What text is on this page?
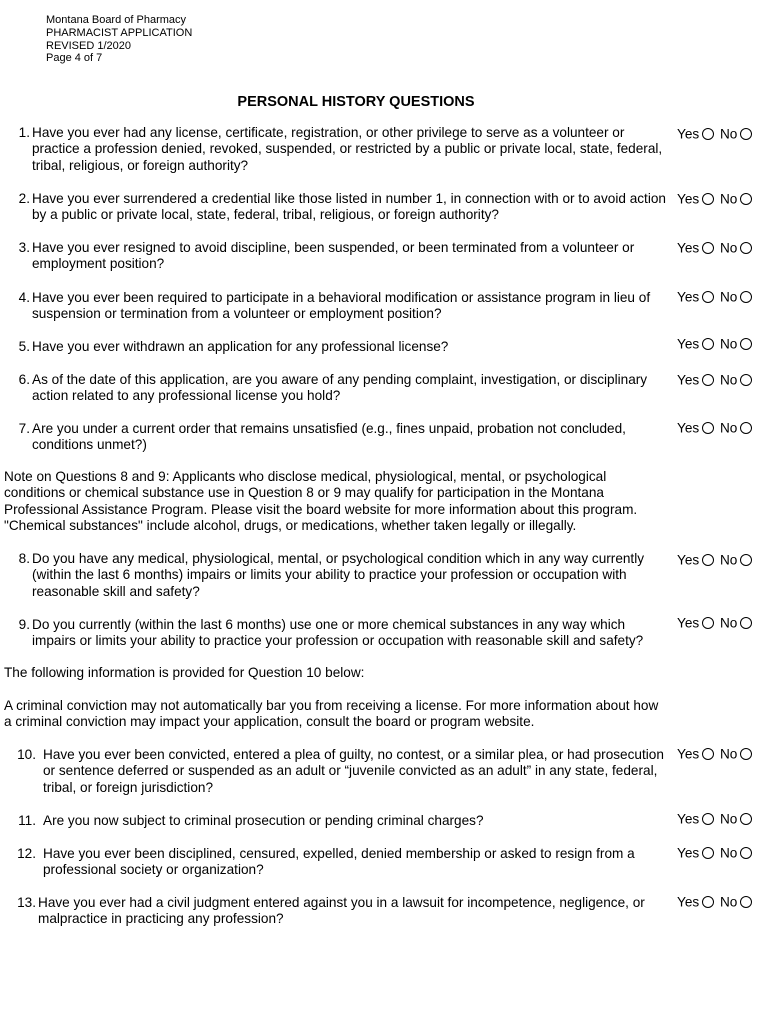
Montana Board of Pharmacy
PHARMACIST APPLICATION
REVISED 1/2020
Page 4 of 7
PERSONAL HISTORY QUESTIONS
1. Have you ever had any license, certificate, registration, or other privilege to serve as a volunteer or practice a profession denied, revoked, suspended, or restricted by a public or private local, state, federal, tribal, religious, or foreign authority?
Yes No
2. Have you ever surrendered a credential like those listed in number 1, in connection with or to avoid action by a public or private local, state, federal, tribal, religious, or foreign authority?
Yes No
3. Have you ever resigned to avoid discipline, been suspended, or been terminated from a volunteer or employment position?
Yes No
4. Have you ever been required to participate in a behavioral modification or assistance program in lieu of suspension or termination from a volunteer or employment position?
Yes No
5. Have you ever withdrawn an application for any professional license?	Yes No
6. As of the date of this application, are you aware of any pending complaint, investigation, or disciplinary action related to any professional license you hold?
Yes No
7. Are you under a current order that remains unsatisfied (e.g., fines unpaid, probation not concluded, conditions unmet?)
Yes No
Note on Questions 8 and 9: Applicants who disclose medical, physiological, mental, or psychological conditions or chemical substance use in Question 8 or 9 may qualify for participation in the Montana Professional Assistance Program. Please visit the board website for more information about this program. "Chemical substances" include alcohol, drugs, or medications, whether taken legally or illegally.
8. Do you have any medical, physiological, mental, or psychological condition which in any way currently (within the last 6 months) impairs or limits your ability to practice your profession or occupation with reasonable skill and safety?
Yes No
9. Do you currently (within the last 6 months) use one or more chemical substances in any way which impairs or limits your ability to practice your profession or occupation with reasonable skill and safety?
Yes No
The following information is provided for Question 10 below:
A criminal conviction may not automatically bar you from receiving a license. For more information about how a criminal conviction may impact your application, consult the board or program website.
10. Have you ever been convicted, entered a plea of guilty, no contest, or a similar plea, or had prosecution or sentence deferred or suspended as an adult or “juvenile convicted as an adult” in any state, federal, tribal, or foreign jurisdiction?
Yes No
11. Are you now subject to criminal prosecution or pending criminal charges?	Yes No
12. Have you ever been disciplined, censured, expelled, denied membership or asked to resign from a professional society or organization?
Yes No
13. Have you ever had a civil judgment entered against you in a lawsuit for incompetence, negligence, or malpractice in practicing any profession?
Yes No
